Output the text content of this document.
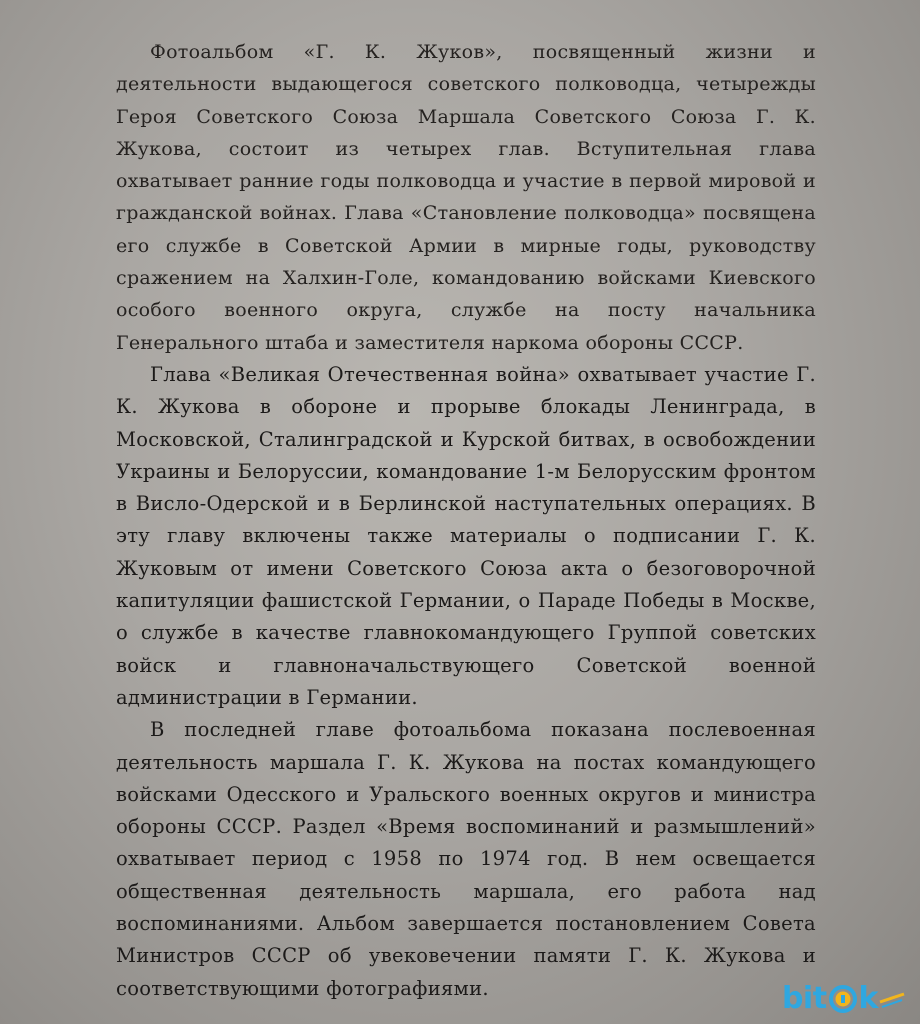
Фотоальбом «Г. К. Жуков», посвященный жизни и деятельности выдающегося советского полководца, четырежды Героя Советского Союза Маршала Советского Союза Г. К. Жукова, состоит из четырех глав. Вступительная глава охватывает ранние годы полководца и участие в первой мировой и гражданской войнах. Глава «Становление полководца» посвящена его службе в Советской Армии в мирные годы, руководству сражением на Халхин-Голе, командованию войсками Киевского особого военного округа, службе на посту начальника Генерального штаба и заместителя наркома обороны СССР.

Глава «Великая Отечественная война» охватывает участие Г. К. Жукова в обороне и прорыве блокады Ленинграда, в Московской, Сталинградской и Курской битвах, в освобождении Украины и Белоруссии, командование 1-м Белорусским фронтом в Висло-Одерской и в Берлинской наступательных операциях. В эту главу включены также материалы о подписании Г. К. Жуковым от имени Советского Союза акта о безоговорочной капитуляции фашистской Германии, о Параде Победы в Москве, о службе в качестве главнокомандующего Группой советских войск и главноначальствующего Советской военной администрации в Германии.

В последней главе фотоальбома показана послевоенная деятельность маршала Г. К. Жукова на постах командующего войсками Одесского и Уральского военных округов и министра обороны СССР. Раздел «Время воспоминаний и размышлений» охватывает период с 1958 по 1974 год. В нем освещается общественная деятельность маршала, его работа над воспоминаниями. Альбом завершается постановлением Совета Министров СССР об увековечении памяти Г. К. Жукова и соответствующими фотографиями.	bit k
